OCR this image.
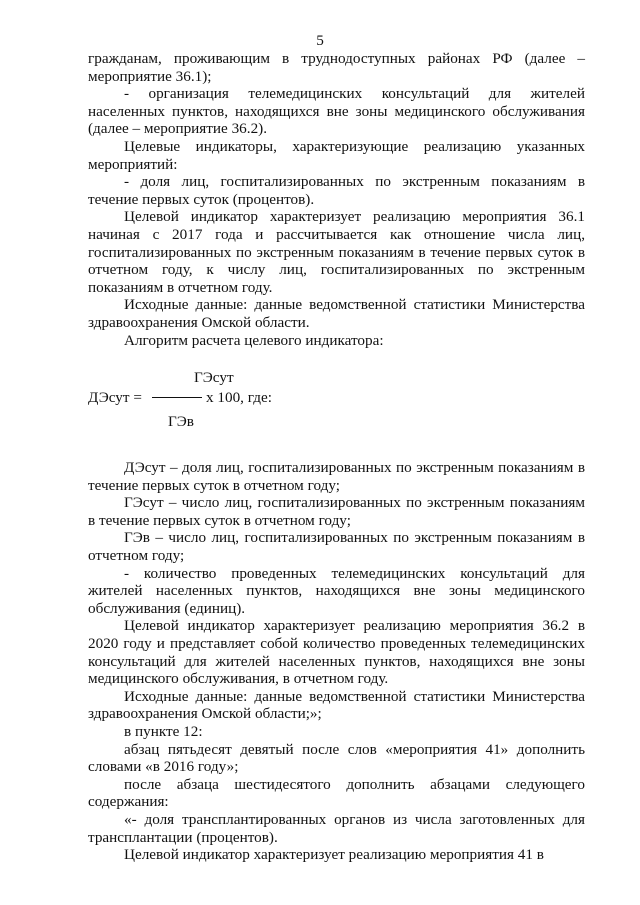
5

гражданам, проживающим в труднодоступных районах РФ (далее – мероприятие 36.1);

- организация телемедицинских консультаций для жителей населенных пунктов, находящихся вне зоны медицинского обслуживания (далее – мероприятие 36.2).

Целевые индикаторы, характеризующие реализацию указанных мероприятий:

- доля лиц, госпитализированных по экстренным показаниям в течение первых суток (процентов).

Целевой индикатор характеризует реализацию мероприятия 36.1 начиная с 2017 года и рассчитывается как отношение числа лиц, госпитализированных по экстренным показаниям в течение первых суток в отчетном году, к числу лиц, госпитализированных по экстренным показаниям в отчетном году.

Исходные данные: данные ведомственной статистики Министерства здравоохранения Омской области.

Алгоритм расчета целевого индикатора:

ГЭсут
ДЭсут =	x 100, где:
ГЭв

ДЭсут – доля лиц, госпитализированных по экстренным показаниям в течение первых суток в отчетном году;

ГЭсут – число лиц, госпитализированных по экстренным показаниям в течение первых суток в отчетном году;

ГЭв – число лиц, госпитализированных по экстренным показаниям в отчетном году;

- количество проведенных телемедицинских консультаций для жителей населенных пунктов, находящихся вне зоны медицинского обслуживания (единиц).

Целевой индикатор характеризует реализацию мероприятия 36.2 в 2020 году и представляет собой количество проведенных телемедицинских консультаций для жителей населенных пунктов, находящихся вне зоны медицинского обслуживания, в отчетном году.

Исходные данные: данные ведомственной статистики Министерства здравоохранения Омской области;»;

в пункте 12:

абзац пятьдесят девятый после слов «мероприятия 41» дополнить словами «в 2016 году»;

после абзаца шестидесятого дополнить абзацами следующего содержания:

«- доля трансплантированных органов из числа заготовленных для трансплантации (процентов).

Целевой индикатор характеризует реализацию мероприятия 41 в
